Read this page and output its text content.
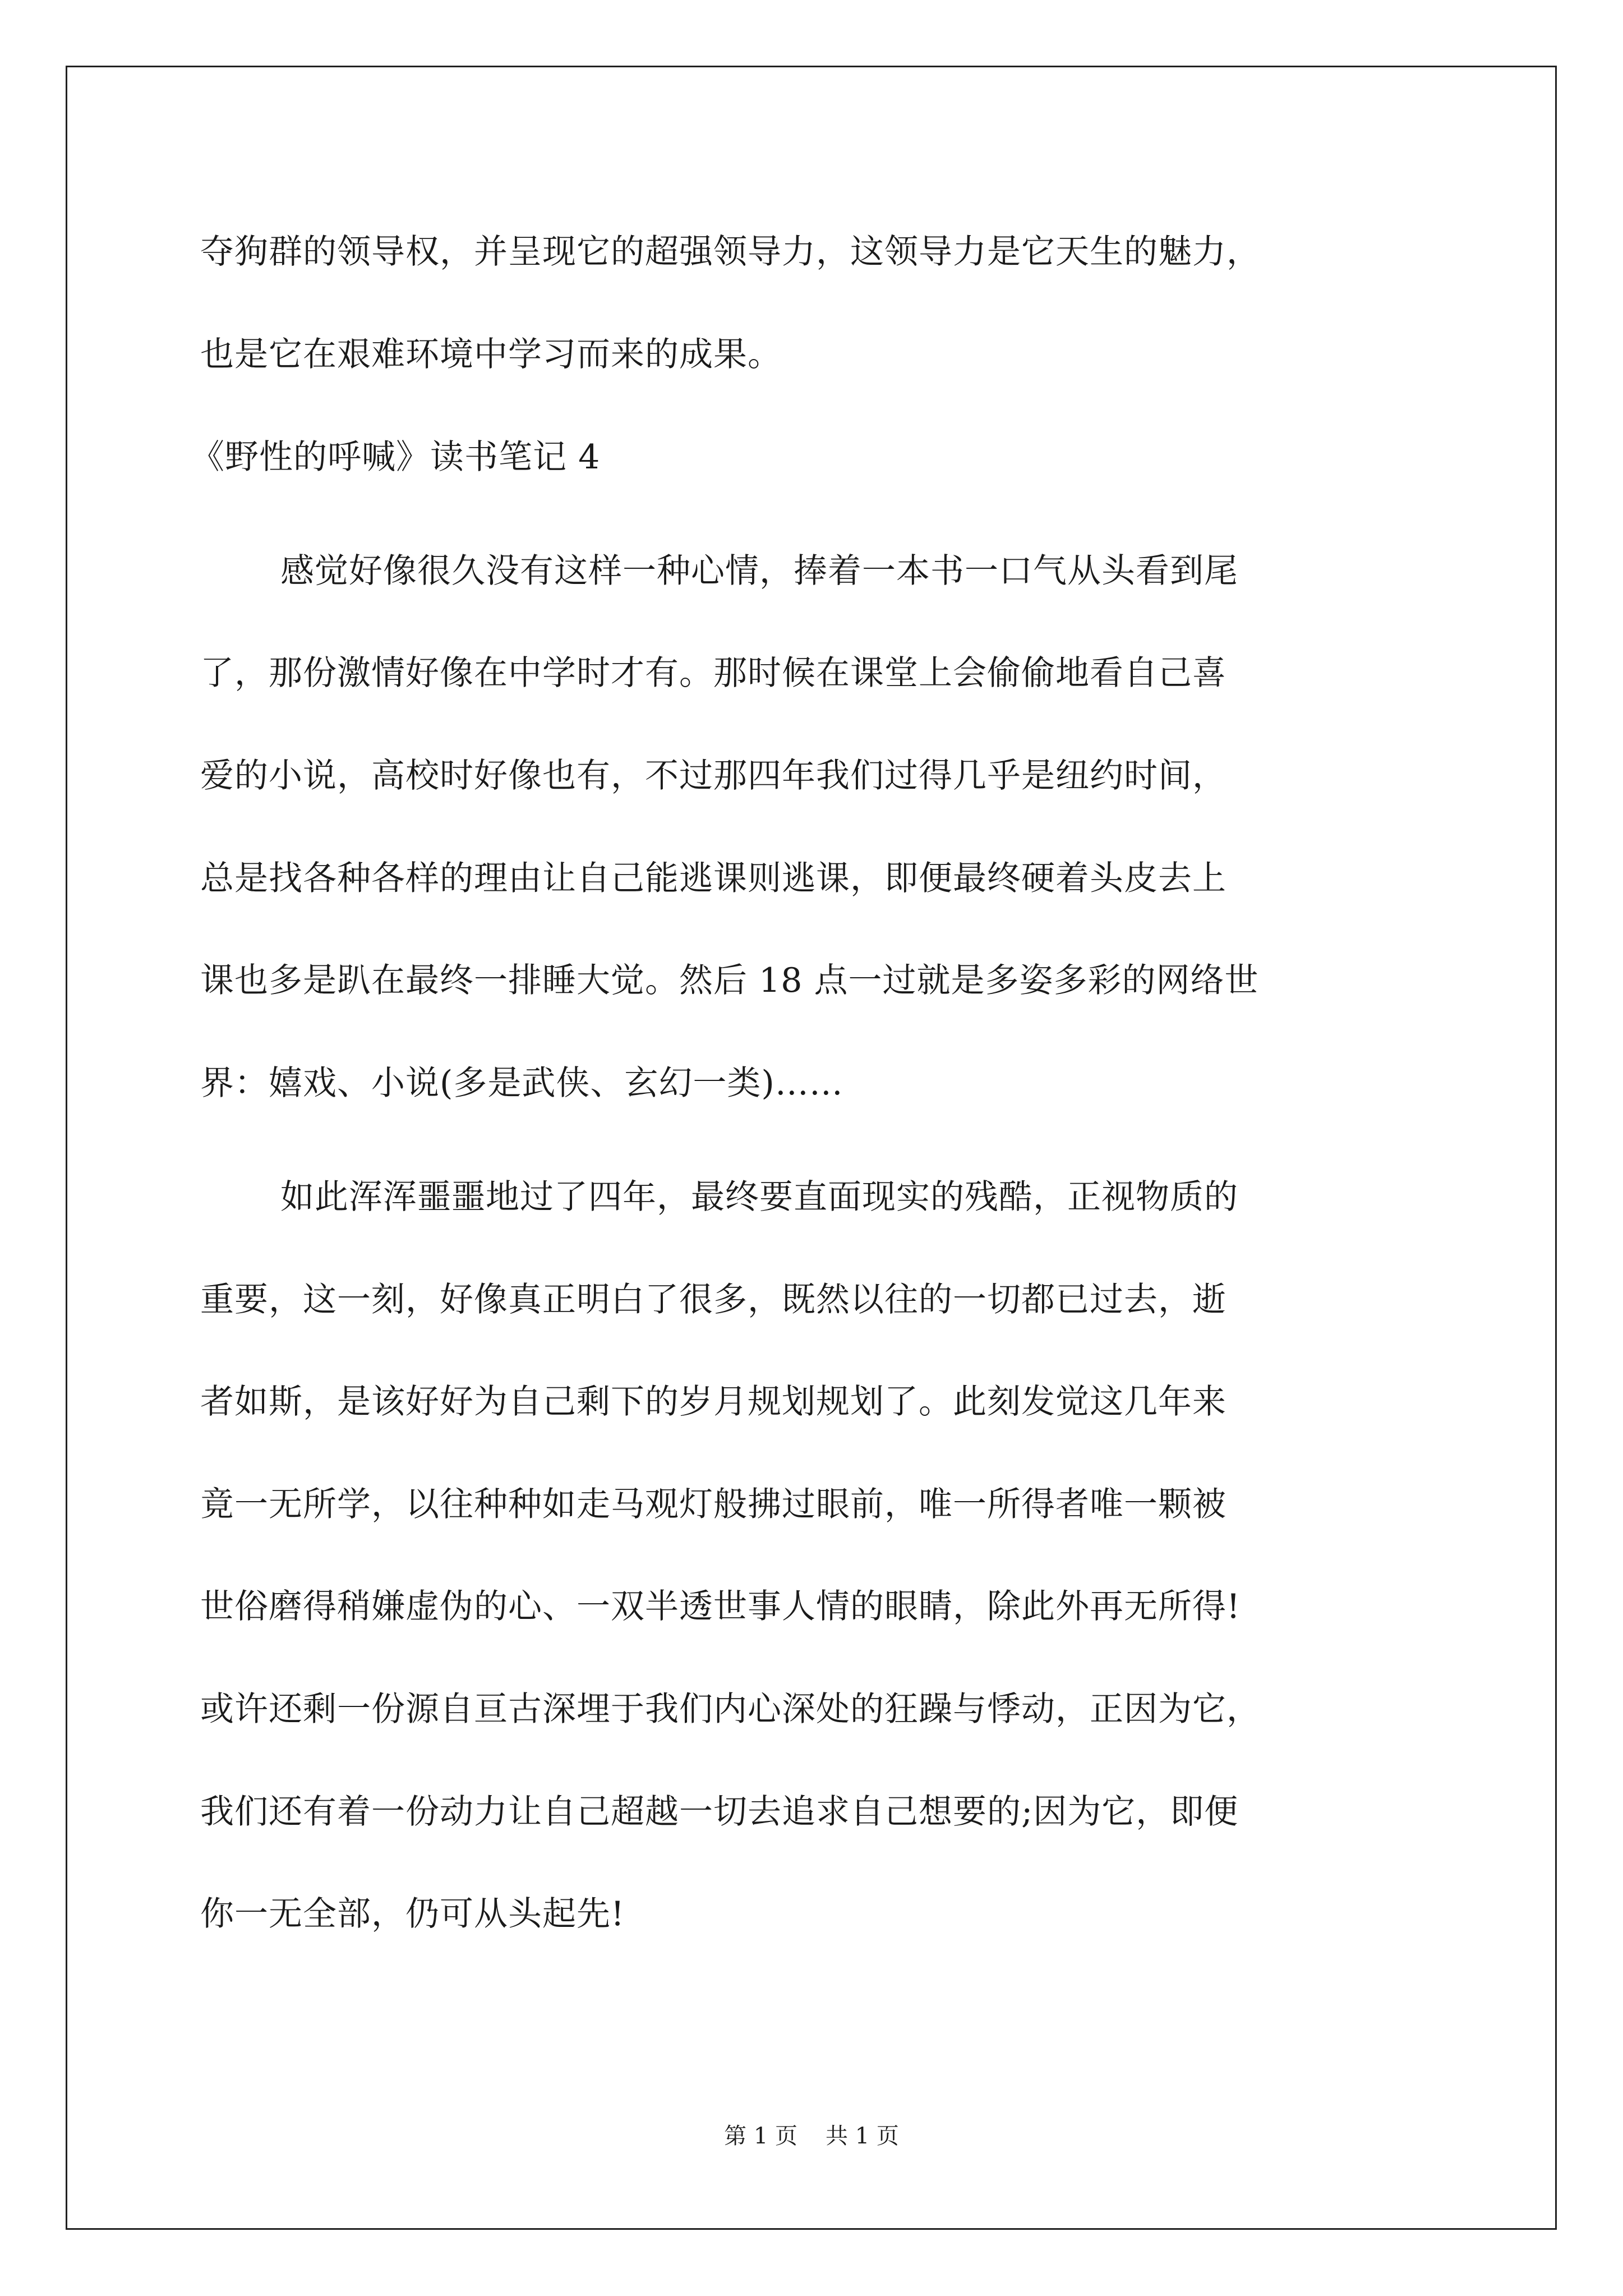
夺狗群的领导权，并呈现它的超强领导力，这领导力是它天生的魅力，
也是它在艰难环境中学习而来的成果。
《野性的呼喊》读书笔记 4
感觉好像很久没有这样一种心情，捧着一本书一口气从头看到尾
了，那份激情好像在中学时才有。那时候在课堂上会偷偷地看自己喜
爱的小说，高校时好像也有，不过那四年我们过得几乎是纽约时间，
总是找各种各样的理由让自己能逃课则逃课，即便最终硬着头皮去上
课也多是趴在最终一排睡大觉。然后 18 点一过就是多姿多彩的网络世
界：嬉戏、小说(多是武侠、玄幻一类)……
如此浑浑噩噩地过了四年，最终要直面现实的残酷，正视物质的
重要，这一刻，好像真正明白了很多，既然以往的一切都已过去，逝
者如斯，是该好好为自己剩下的岁月规划规划了。此刻发觉这几年来
竟一无所学，以往种种如走马观灯般拂过眼前，唯一所得者唯一颗被
世俗磨得稍嫌虚伪的心、一双半透世事人情的眼睛，除此外再无所得!
或许还剩一份源自亘古深埋于我们内心深处的狂躁与悸动，正因为它，
我们还有着一份动力让自己超越一切去追求自己想要的;因为它，即便
你一无全部，仍可从头起先!
第 1 页 共 1 页
